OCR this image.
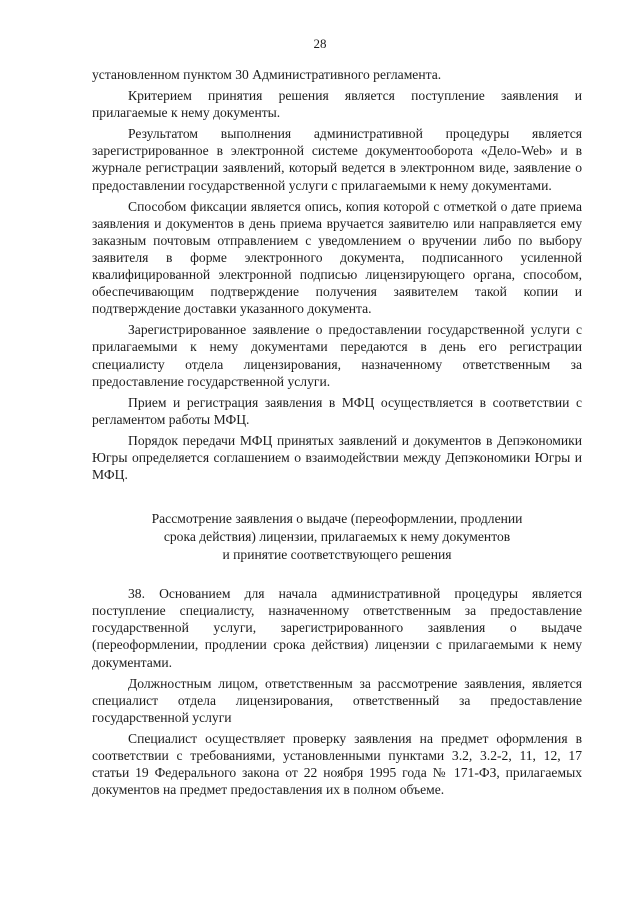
28

установленном пунктом 30 Административного регламента.

Критерием принятия решения является поступление заявления и прилагаемые к нему документы.

Результатом выполнения административной процедуры является зарегистрированное в электронной системе документооборота «Дело-Web» и в журнале регистрации заявлений, который ведется в электронном виде, заявление о предоставлении государственной услуги с прилагаемыми к нему документами.

Способом фиксации является опись, копия которой с отметкой о дате приема заявления и документов в день приема вручается заявителю или направляется ему заказным почтовым отправлением с уведомлением о вручении либо по выбору заявителя в форме электронного документа, подписанного усиленной квалифицированной электронной подписью лицензирующего органа, способом, обеспечивающим подтверждение получения заявителем такой копии и подтверждение доставки указанного документа.

Зарегистрированное заявление о предоставлении государственной услуги с прилагаемыми к нему документами передаются в день его регистрации специалисту отдела лицензирования, назначенному ответственным за предоставление государственной услуги.

Прием и регистрация заявления в МФЦ осуществляется в соответствии с регламентом работы МФЦ.

Порядок передачи МФЦ принятых заявлений и документов в Депэкономики Югры определяется соглашением о взаимодействии между Депэкономики Югры и МФЦ.

Рассмотрение заявления о выдаче (переоформлении, продлении
срока действия) лицензии, прилагаемых к нему документов
и принятие соответствующего решения

38. Основанием для начала административной процедуры является поступление специалисту, назначенному ответственным за предоставление государственной услуги, зарегистрированного заявления о выдаче (переоформлении, продлении срока действия) лицензии с прилагаемыми к нему документами.

Должностным лицом, ответственным за рассмотрение заявления, является специалист отдела лицензирования, ответственный за предоставление государственной услуги

Специалист осуществляет проверку заявления на предмет оформления в соответствии с требованиями, установленными пунктами 3.2, 3.2-2, 11, 12, 17 статьи 19 Федерального закона от 22 ноября 1995 года № 171-ФЗ, прилагаемых документов на предмет предоставления их в полном объеме.
